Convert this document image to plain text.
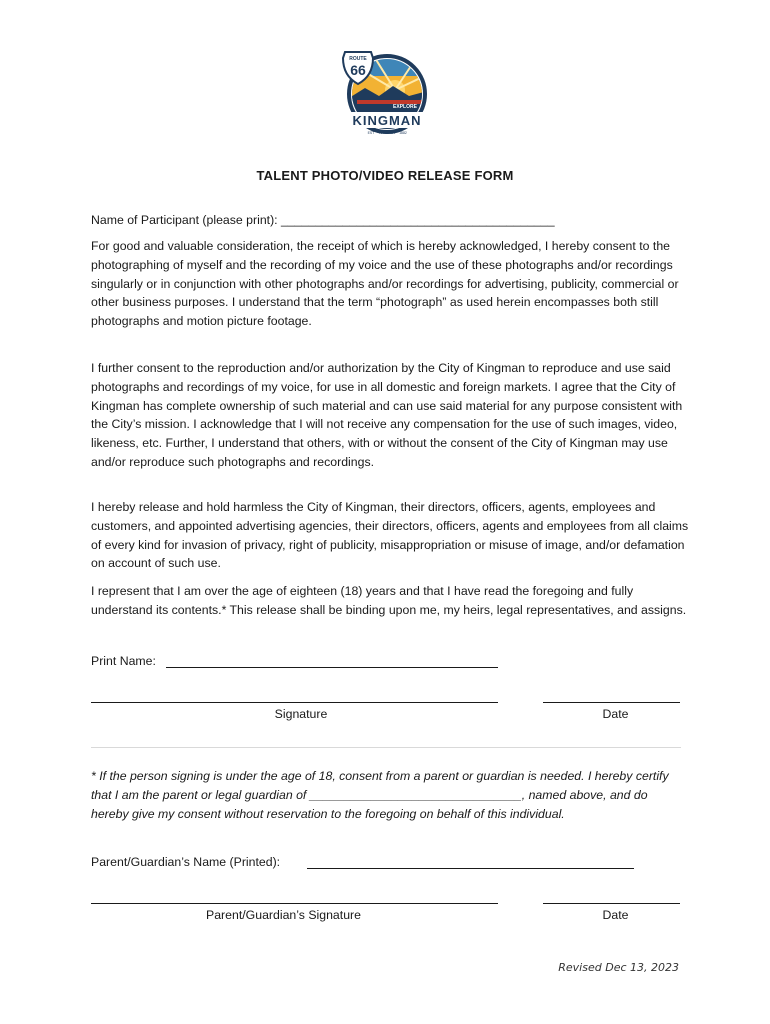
ROUTE
66
EXPLORE
KINGMAN
EST ARIZONA 1882
TALENT PHOTO/VIDEO RELEASE FORM

Name of Participant (please print): ________________________________________

For good and valuable consideration, the receipt of which is hereby acknowledged, I hereby consent to the photographing of myself and the recording of my voice and the use of these photographs and/or recordings singularly or in conjunction with other photographs and/or recordings for advertising, publicity, commercial or other business purposes. I understand that the term “photograph” as used herein encompasses both still photographs and motion picture footage.

I further consent to the reproduction and/or authorization by the City of Kingman to reproduce and use said photographs and recordings of my voice, for use in all domestic and foreign markets. I agree that the City of Kingman has complete ownership of such material and can use said material for any purpose consistent with the City’s mission. I acknowledge that I will not receive any compensation for the use of such images, video, likeness, etc. Further, I understand that others, with or without the consent of the City of Kingman may use and/or reproduce such photographs and recordings.

I hereby release and hold harmless the City of Kingman, their directors, officers, agents, employees and customers, and appointed advertising agencies, their directors, officers, agents and employees from all claims of every kind for invasion of privacy, right of publicity, misappropriation or misuse of image, and/or defamation on account of such use.

I represent that I am over the age of eighteen (18) years and that I have read the foregoing and fully understand its contents.* This release shall be binding upon me, my heirs, legal representatives, and assigns.

Print Name:
Signature	Date
* If the person signing is under the age of 18, consent from a parent or guardian is needed. I hereby certify that I am the parent or legal guardian of _______________________________, named above, and do hereby give my consent without reservation to the foregoing on behalf of this individual.
Parent/Guardian’s Name (Printed):
Parent/Guardian’s Signature	Date
Revised Dec 13, 2023
